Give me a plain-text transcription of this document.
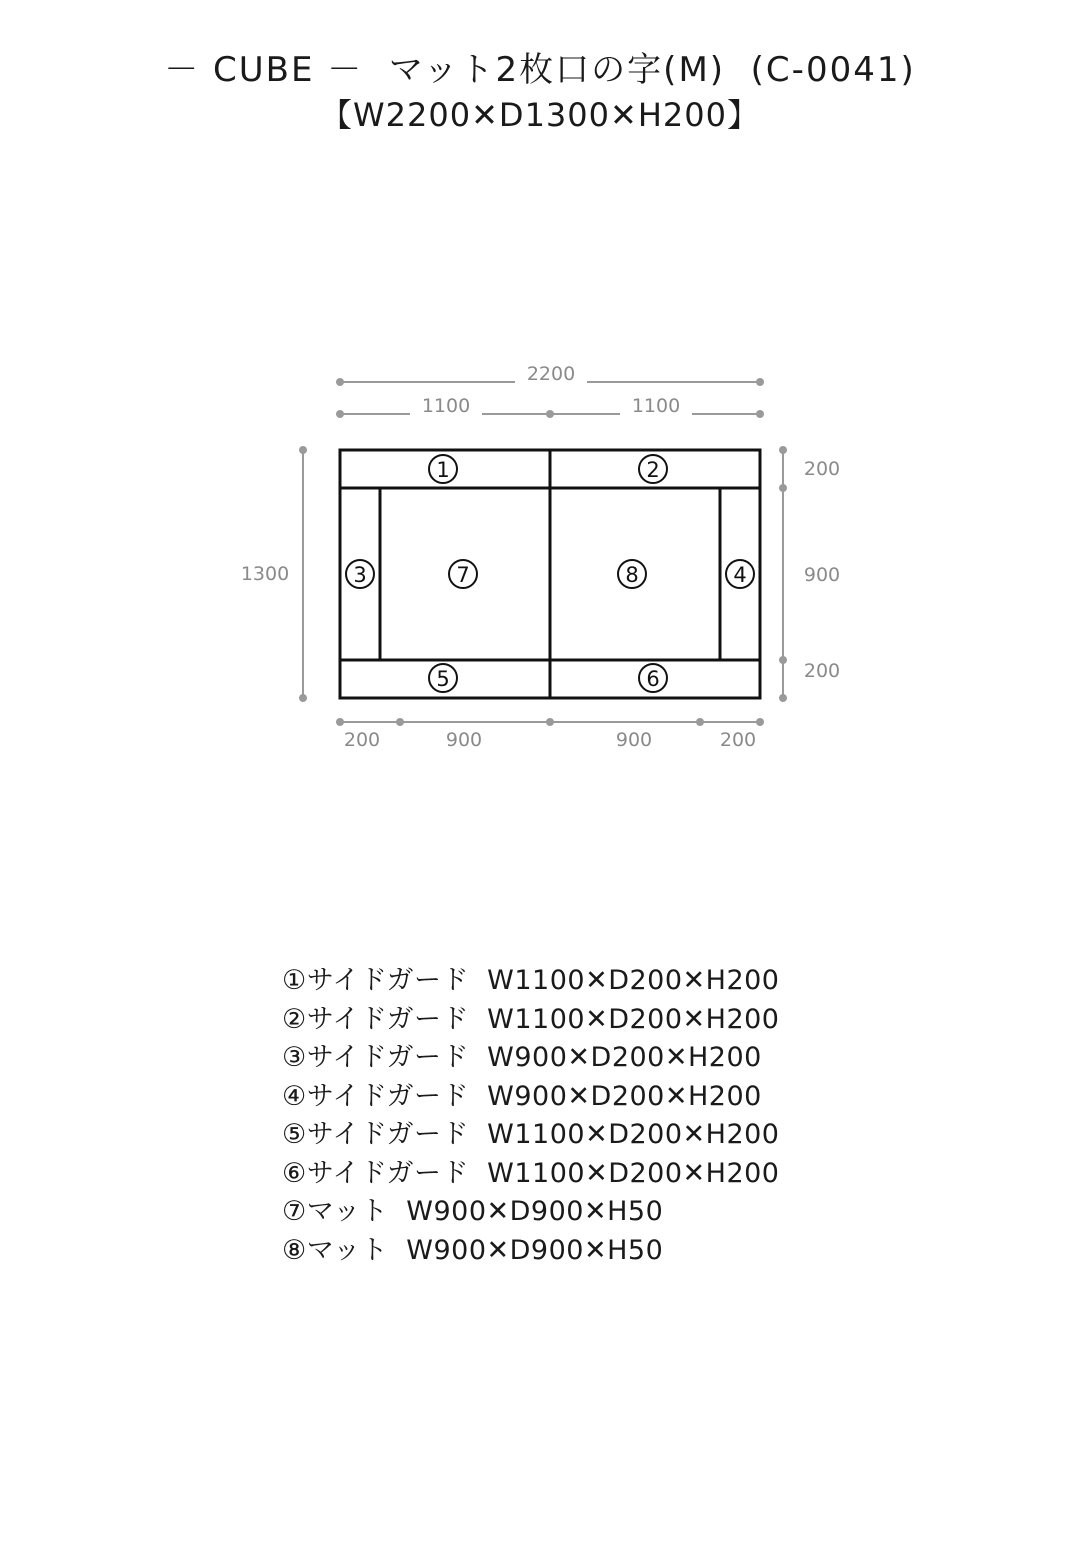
－ CUBE －  マット2枚口の字(M)  (C-0041)
【W2200✕D1300✕H200】
2200
1100	1100
1300
200
900
200
200	900	900	200
1	2
3	4
5	6
7	8
①サイドガード  W1100✕D200✕H200
②サイドガード  W1100✕D200✕H200
③サイドガード  W900✕D200✕H200
④サイドガード  W900✕D200✕H200
⑤サイドガード  W1100✕D200✕H200
⑥サイドガード  W1100✕D200✕H200
⑦マット  W900✕D900✕H50
⑧マット  W900✕D900✕H50
